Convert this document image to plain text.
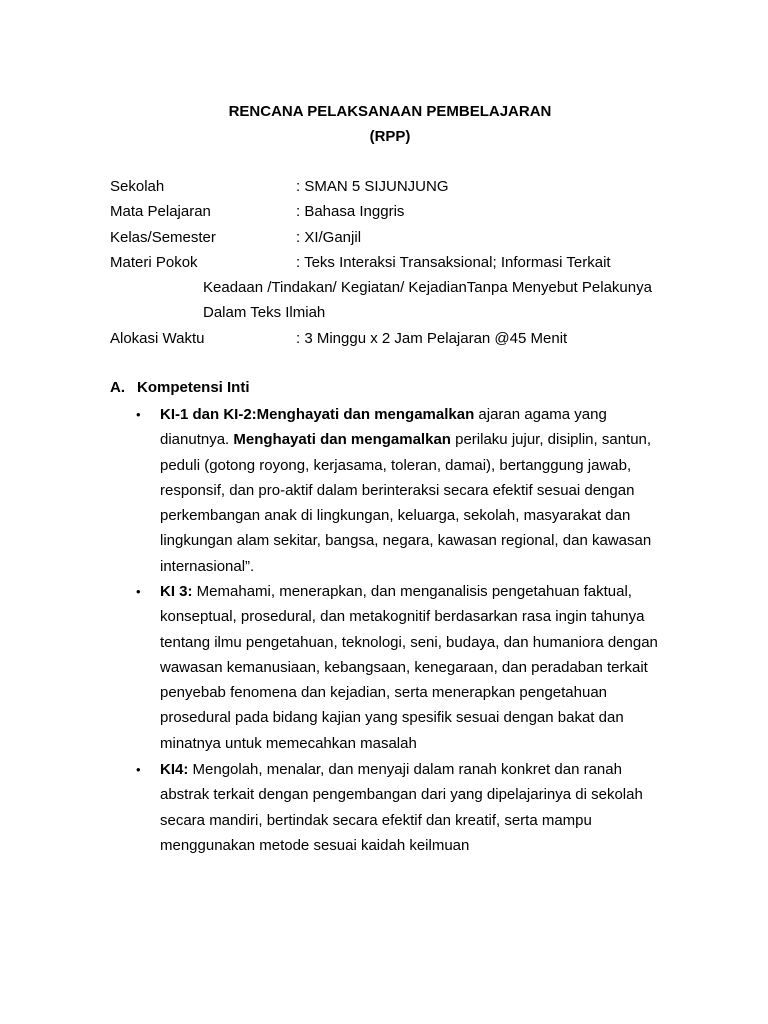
RENCANA PELAKSANAAN PEMBELAJARAN
(RPP)
Sekolah	: SMAN 5 SIJUNJUNG
Mata Pelajaran	: Bahasa Inggris
Kelas/Semester	: XI/Ganjil
Materi Pokok	: Teks Interaksi Transaksional; Informasi Terkait
Keadaan /Tindakan/ Kegiatan/ KejadianTanpa Menyebut Pelakunya
Dalam Teks Ilmiah
Alokasi Waktu	: 3 Minggu x 2 Jam Pelajaran @45 Menit
A. Kompetensi Inti
• KI-1 dan KI-2:Menghayati dan mengamalkan ajaran agama yang
dianutnya. Menghayati dan mengamalkan perilaku jujur, disiplin, santun,
peduli (gotong royong, kerjasama, toleran, damai), bertanggung jawab,
responsif, dan pro-aktif dalam berinteraksi secara efektif sesuai dengan
perkembangan anak di lingkungan, keluarga, sekolah, masyarakat dan
lingkungan alam sekitar, bangsa, negara, kawasan regional, dan kawasan
internasional”.
• KI 3: Memahami, menerapkan, dan menganalisis pengetahuan faktual,
konseptual, prosedural, dan metakognitif berdasarkan rasa ingin tahunya
tentang ilmu pengetahuan, teknologi, seni, budaya, dan humaniora dengan
wawasan kemanusiaan, kebangsaan, kenegaraan, dan peradaban terkait
penyebab fenomena dan kejadian, serta menerapkan pengetahuan
prosedural pada bidang kajian yang spesifik sesuai dengan bakat dan
minatnya untuk memecahkan masalah
• KI4: Mengolah, menalar, dan menyaji dalam ranah konkret dan ranah
abstrak terkait dengan pengembangan dari yang dipelajarinya di sekolah
secara mandiri, bertindak secara efektif dan kreatif, serta mampu
menggunakan metode sesuai kaidah keilmuan
